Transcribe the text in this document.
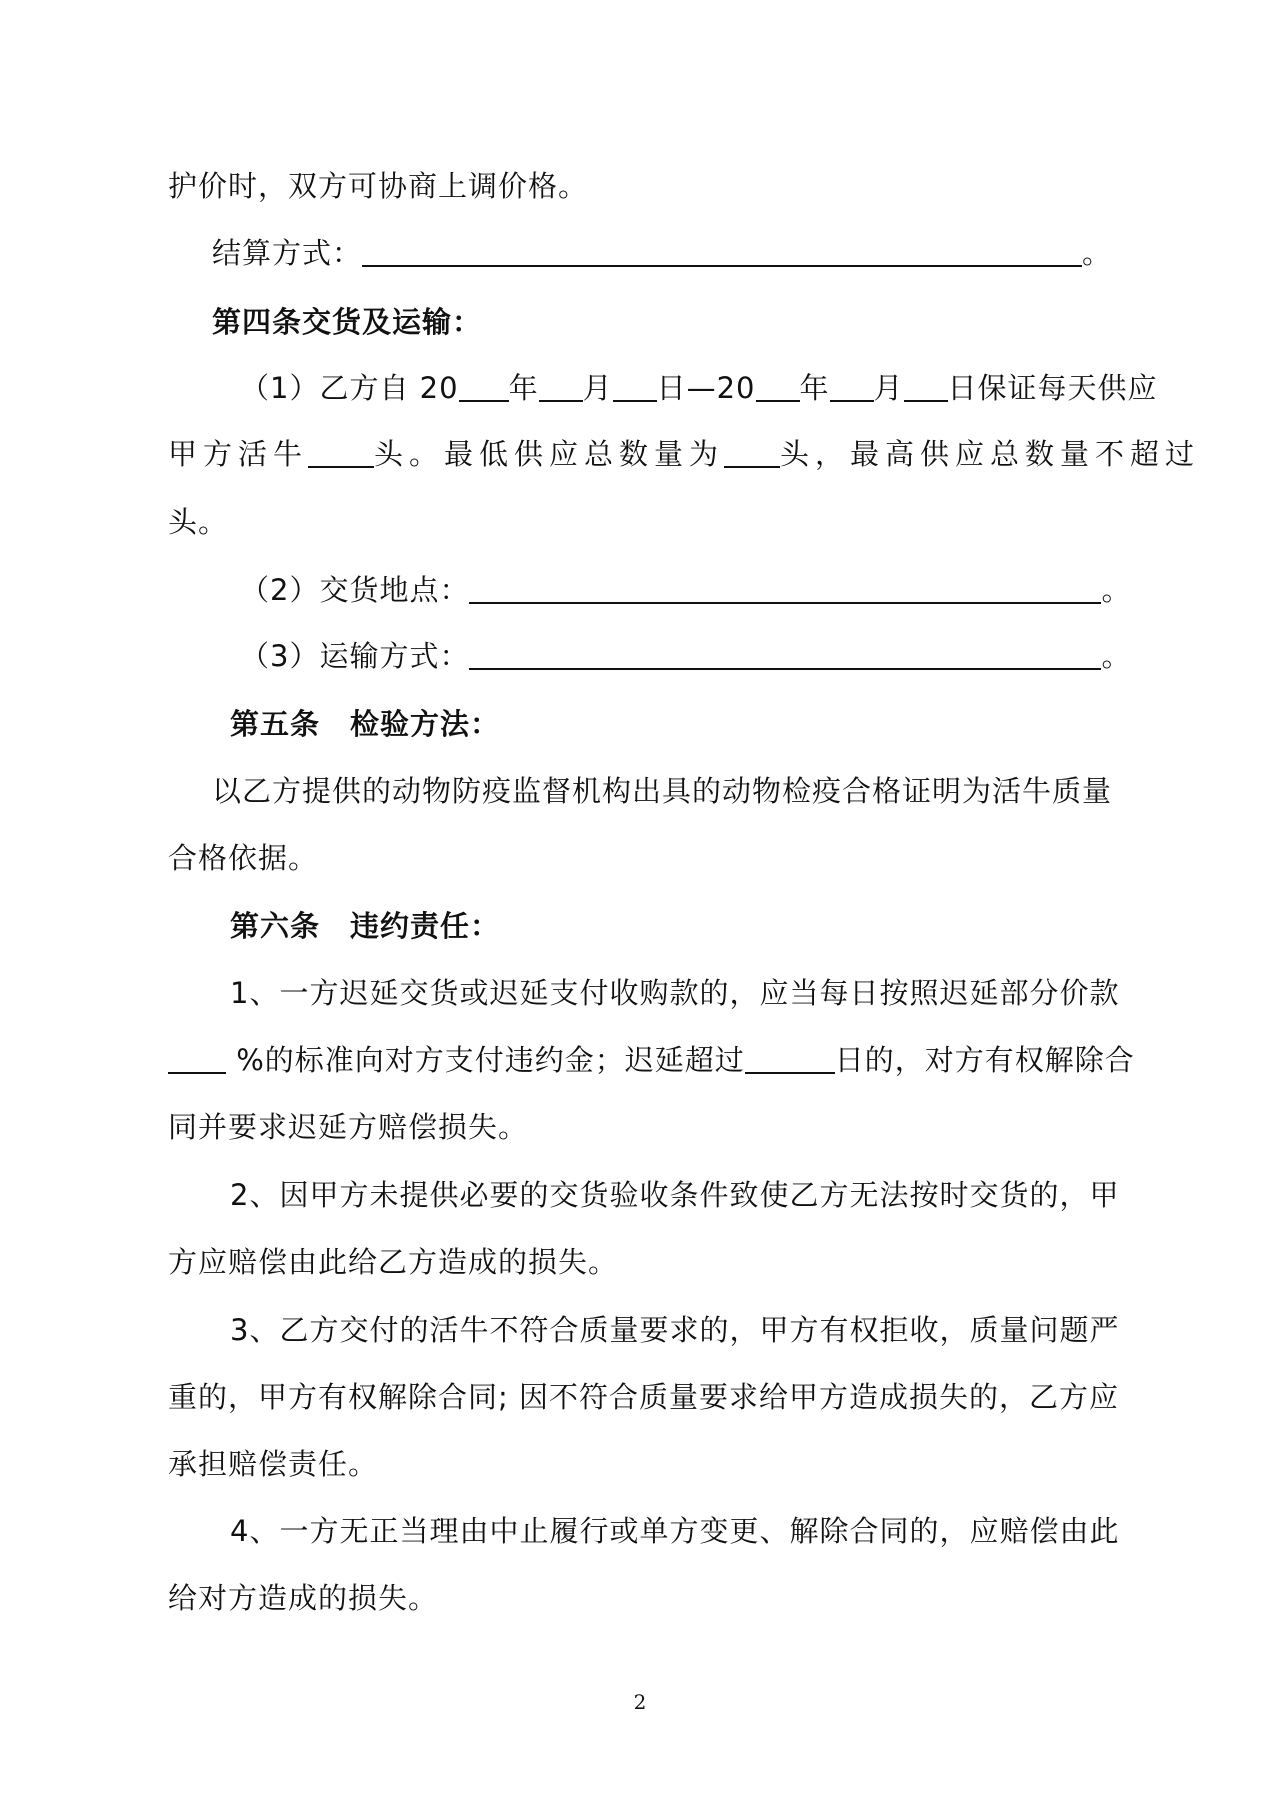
护价时，双方可协商上调价格。
结算方式：	。
第四条交货及运输：
（1）乙方自 20 年 月 日—20 年 月 日保证每天供应
甲方活牛 头。最低供应总数量为 头，最高供应总数量不超过
头。
（2）交货地点：	。
（3）运输方式：	。
第五条　检验方法：
以乙方提供的动物防疫监督机构出具的动物检疫合格证明为活牛质量
合格依据。
第六条　违约责任：
1、一方迟延交货或迟延支付收购款的，应当每日按照迟延部分价款
%的标准向对方支付违约金；迟延超过	日的，对方有权解除合
同并要求迟延方赔偿损失。
2、因甲方未提供必要的交货验收条件致使乙方无法按时交货的，甲
方应赔偿由此给乙方造成的损失。
3、乙方交付的活牛不符合质量要求的，甲方有权拒收，质量问题严
重的，甲方有权解除合同; 因不符合质量要求给甲方造成损失的，乙方应
承担赔偿责任。
4、一方无正当理由中止履行或单方变更、解除合同的，应赔偿由此
给对方造成的损失。
2
